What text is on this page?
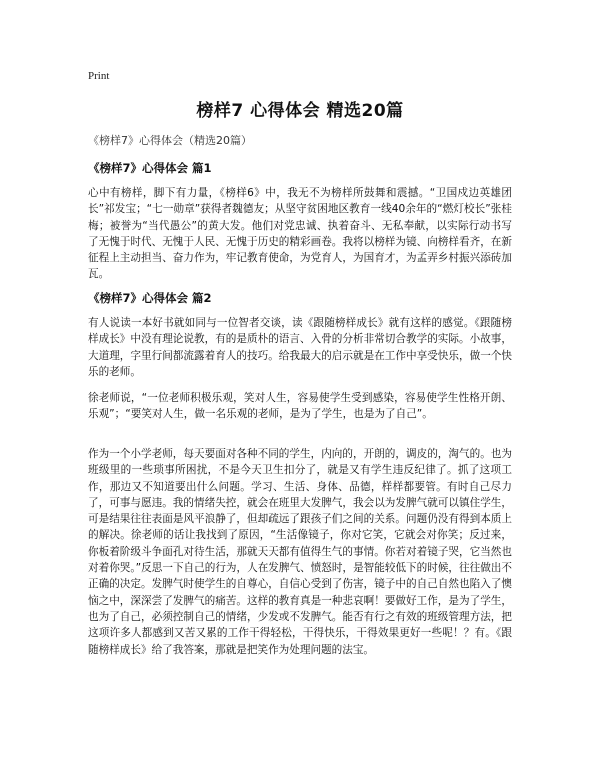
Print
榜样7 心得体会 精选20篇

《榜样7》心得体会（精选20篇）

《榜样7》心得体会 篇1

心中有榜样，脚下有力量，《榜样6》中，我无不为榜样所鼓舞和震撼。“卫国戍边英雄团长”祁发宝；“七一勋章”获得者魏德友；从坚守贫困地区教育一线40余年的“燃灯校长”张桂梅；被誉为“当代愚公”的黄大发。他们对党忠诚、执着奋斗、无私奉献，以实际行动书写了无愧于时代、无愧于人民、无愧于历史的精彩画卷。我将以榜样为镜、向榜样看齐，在新征程上主动担当、奋力作为，牢记教育使命，为党育人，为国育才，为孟弄乡村振兴添砖加瓦。

《榜样7》心得体会 篇2

有人说读一本好书就如同与一位智者交谈，读《跟随榜样成长》就有这样的感觉。《跟随榜样成长》中没有理论说教，有的是质朴的语言、入骨的分析非常切合教学的实际。小故事，大道理，字里行间都流露着育人的技巧。给我最大的启示就是在工作中享受快乐，做一个快乐的老师。

徐老师说，“一位老师积极乐观，笑对人生，容易使学生受到感染，容易使学生性格开朗、乐观”；“要笑对人生，做一名乐观的老师，是为了学生，也是为了自己”。

作为一个小学老师，每天要面对各种不同的学生，内向的，开朗的，调皮的，淘气的。也为班级里的一些琐事所困扰，不是今天卫生扣分了，就是又有学生违反纪律了。抓了这项工作，那边又不知道要出什么问题。学习、生活、身体、品德，样样都要管。有时自己尽力了，可事与愿违。我的情绪失控，就会在班里大发脾气，我会以为发脾气就可以镇住学生，可是结果往往表面是风平浪静了，但却疏远了跟孩子们之间的关系。问题仍没有得到本质上的解决。徐老师的话让我找到了原因，“生活像镜子，你对它笑，它就会对你笑；反过来，你板着阶级斗争面孔对待生活，那就天天都有值得生气的事情。你若对着镜子哭，它当然也对着你哭。”反思一下自己的行为，人在发脾气、愤怒时，是智能较低下的时候，往往做出不正确的决定。发脾气时使学生的自尊心，自信心受到了伤害，镜子中的自己自然也陷入了懊恼之中，深深尝了发脾气的痛苦。这样的教育真是一种悲哀啊！要做好工作，是为了学生，也为了自己，必须控制自己的情绪，少发或不发脾气。能否有行之有效的班级管理方法，把这项许多人都感到又苦又累的工作干得轻松，干得快乐，干得效果更好一些呢！？有。《跟随榜样成长》给了我答案，那就是把笑作为处理问题的法宝。
